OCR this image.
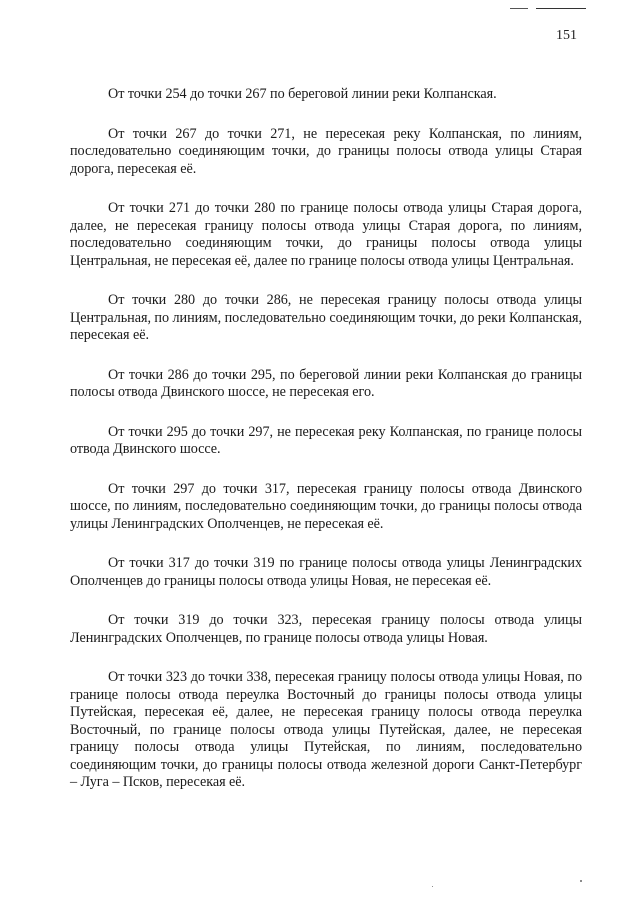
151

От точки 254 до точки 267 по береговой линии реки Колпанская.

От точки 267 до точки 271, не пересекая реку Колпанская, по линиям, последовательно соединяющим точки, до границы полосы отвода улицы Старая дорога, пересекая её.

От точки 271 до точки 280 по границе полосы отвода улицы Старая дорога, далее, не пересекая границу полосы отвода улицы Старая дорога, по линиям, последовательно соединяющим точки, до границы полосы отвода улицы Центральная, не пересекая её, далее по границе полосы отвода улицы Центральная.

От точки 280 до точки 286, не пересекая границу полосы отвода улицы Центральная, по линиям, последовательно соединяющим точки, до реки Колпанская, пересекая её.

От точки 286 до точки 295, по береговой линии реки Колпанская до границы полосы отвода Двинского шоссе, не пересекая его.

От точки 295 до точки 297, не пересекая реку Колпанская, по границе полосы отвода Двинского шоссе.

От точки 297 до точки 317, пересекая границу полосы отвода Двинского шоссе, по линиям, последовательно соединяющим точки, до границы полосы отвода улицы Ленинградских Ополченцев, не пересекая её.

От точки 317 до точки 319 по границе полосы отвода улицы Ленинградских Ополченцев до границы полосы отвода улицы Новая, не пересекая её.

От точки 319 до точки 323, пересекая границу полосы отвода улицы Ленинградских Ополченцев, по границе полосы отвода улицы Новая.

От точки 323 до точки 338, пересекая границу полосы отвода улицы Новая, по границе полосы отвода переулка Восточный до границы полосы отвода улицы Путейская, пересекая её, далее, не пересекая границу полосы отвода переулка Восточный, по границе полосы отвода улицы Путейская, далее, не пересекая границу полосы отвода улицы Путейская, по линиям, последовательно соединяющим точки, до границы полосы отвода железной дороги Санкт-Петербург – Луга – Псков, пересекая её.
